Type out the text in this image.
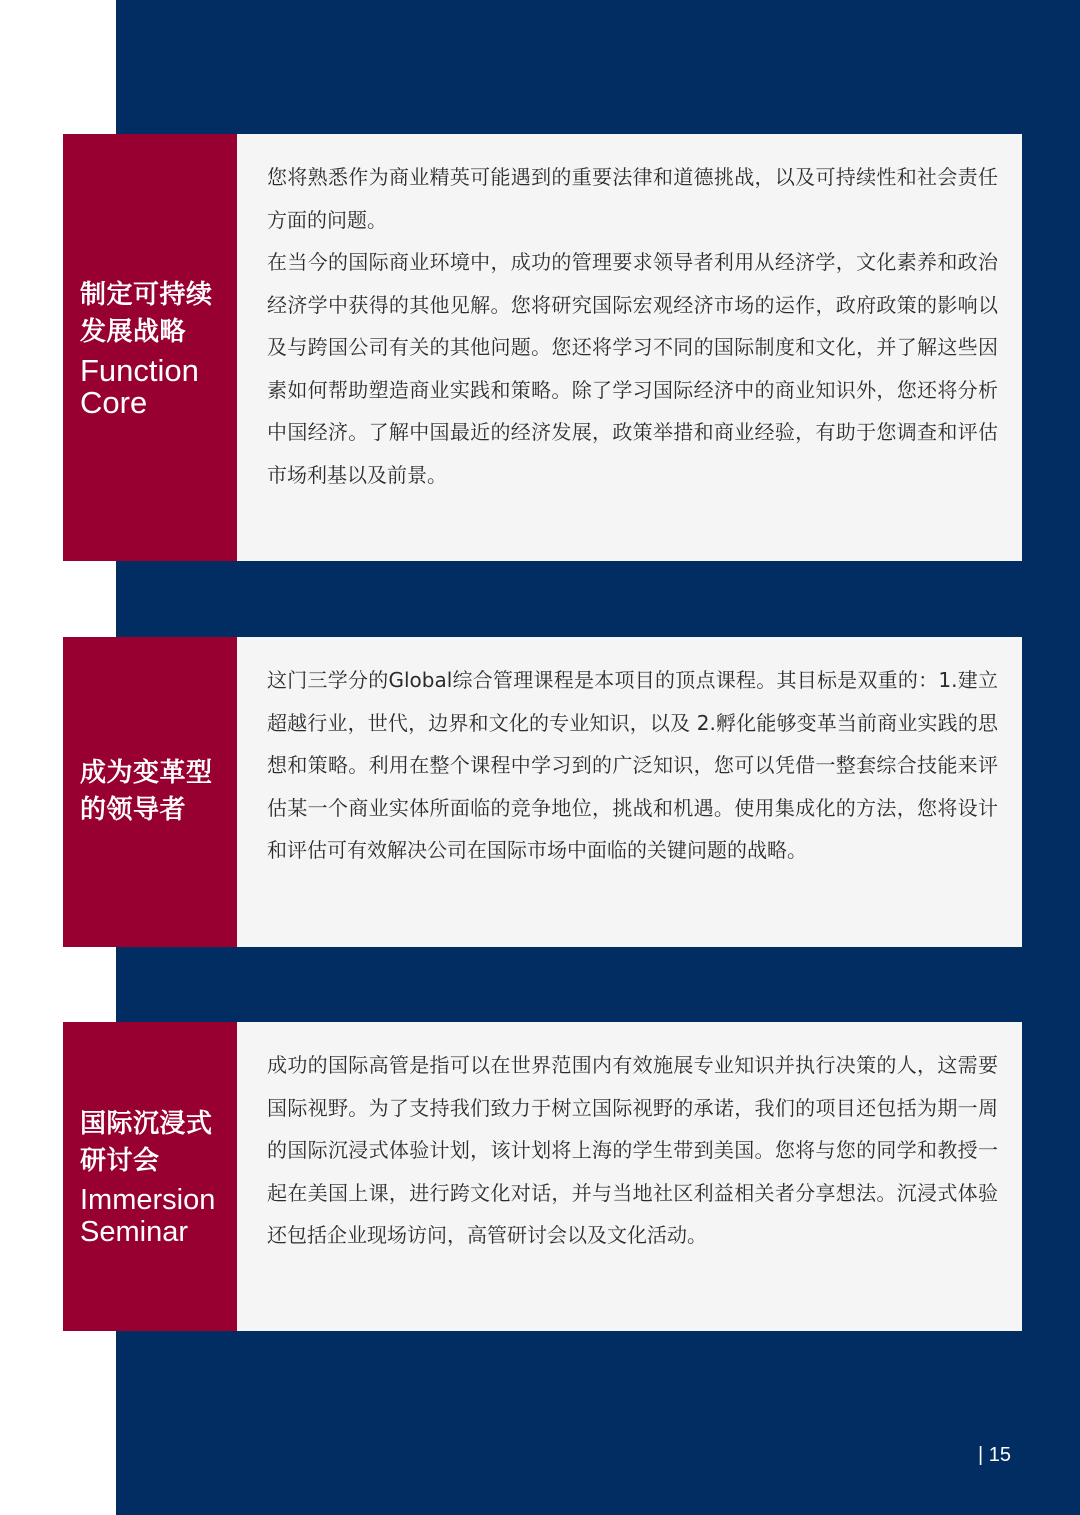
制定可持续发展战略
Function Core

您将熟悉作为商业精英可能遇到的重要法律和道德挑战，以及可持续性和社会责任方面的问题。

在当今的国际商业环境中，成功的管理要求领导者利用从经济学，文化素养和政治经济学中获得的其他见解。您将研究国际宏观经济市场的运作，政府政策的影响以及与跨国公司有关的其他问题。您还将学习不同的国际制度和文化，并了解这些因素如何帮助塑造商业实践和策略。除了学习国际经济中的商业知识外，您还将分析中国经济。了解中国最近的经济发展，政策举措和商业经验，有助于您调查和评估市场利基以及前景。

成为变革型的领导者

这门三学分的Global综合管理课程是本项目的顶点课程。其目标是双重的：1.建立超越行业，世代，边界和文化的专业知识，以及 2.孵化能够变革当前商业实践的思想和策略。利用在整个课程中学习到的广泛知识，您可以凭借一整套综合技能来评估某一个商业实体所面临的竞争地位，挑战和机遇。使用集成化的方法，您将设计和评估可有效解决公司在国际市场中面临的关键问题的战略。

国际沉浸式研讨会
Immersion Seminar

成功的国际高管是指可以在世界范围内有效施展专业知识并执行决策的人，这需要国际视野。为了支持我们致力于树立国际视野的承诺，我们的项目还包括为期一周的国际沉浸式体验计划，该计划将上海的学生带到美国。您将与您的同学和教授一起在美国上课，进行跨文化对话，并与当地社区利益相关者分享想法。沉浸式体验还包括企业现场访问，高管研讨会以及文化活动。

| 15
